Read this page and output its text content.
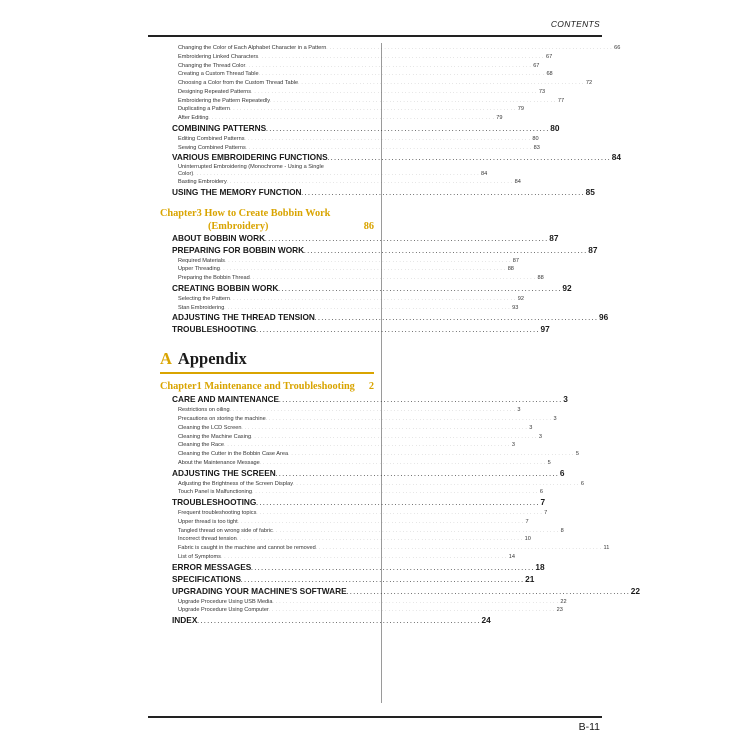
CONTENTS
Changing the Color of Each Alphabet Character in a Pattern . . .	66
Embroidering Linked Characters . . .	67
Changing the Thread Color . . .	67
Creating a Custom Thread Table . . .	68
Choosing a Color from the Custom Thread Table . . .	72
Designing Repeated Patterns . . .	73
Embroidering the Pattern Repeatedly . . .	77
Duplicating a Pattern . . .	79
After Editing . . .	79
COMBINING PATTERNS . . .	80
Editing Combined Patterns . . .	80
Sewing Combined Patterns . . .	83
VARIOUS EMBROIDERING FUNCTIONS . . .	84
Uninterrupted Embroidering (Monochrome - Using a Single
Color) . . .	84
Basting Embroidery . . .	84
USING THE MEMORY FUNCTION . . .	85
Chapter3 How to Create Bobbin Work
(Embroidery)	86
ABOUT BOBBIN WORK . . .	87
PREPARING FOR BOBBIN WORK . . .	87
Required Materials . . .	87
Upper Threading . . .	88
Preparing the Bobbin Thread . . .	88
CREATING BOBBIN WORK . . .	92
Selecting the Pattern . . .	92
Stan Embroidering . . .	93
ADJUSTING THE THREAD TENSION . . .	96
TROUBLESHOOTING . . .	97
A Appendix
Chapter1 Maintenance and Troubleshooting 2
CARE AND MAINTENANCE . . .	3
Restrictions on oiling . . .	3
Precautions on storing the machine . . .	3
Cleaning the LCD Screen . . .	3
Cleaning the Machine Casing . . .	3
Cleaning the Race . . .	3
Cleaning the Cutter in the Bobbin Case Area . . .	5
About the Maintenance Message . . .	5
ADJUSTING THE SCREEN . . .	6
Adjusting the Brightness of the Screen Display . . .	6
Touch Panel is Malfunctioning . . .	6
TROUBLESHOOTING . . .	7
Frequent troubleshooting topics . . .	7
Upper thread is too tight . . .	7
Tangled thread on wrong side of fabric . . .	8
Incorrect thread tension . . .	10
Fabric is caught in the machine and cannot be removed . . .	11
List of Symptoms . . .	14
ERROR MESSAGES . . .	18
SPECIFICATIONS . . .	21
UPGRADING YOUR MACHINE'S SOFTWARE . . .	22
Upgrade Procedure Using USB Media . . .	22
Upgrade Procedure Using Computer . . .	23
INDEX . . .	24
B-11
